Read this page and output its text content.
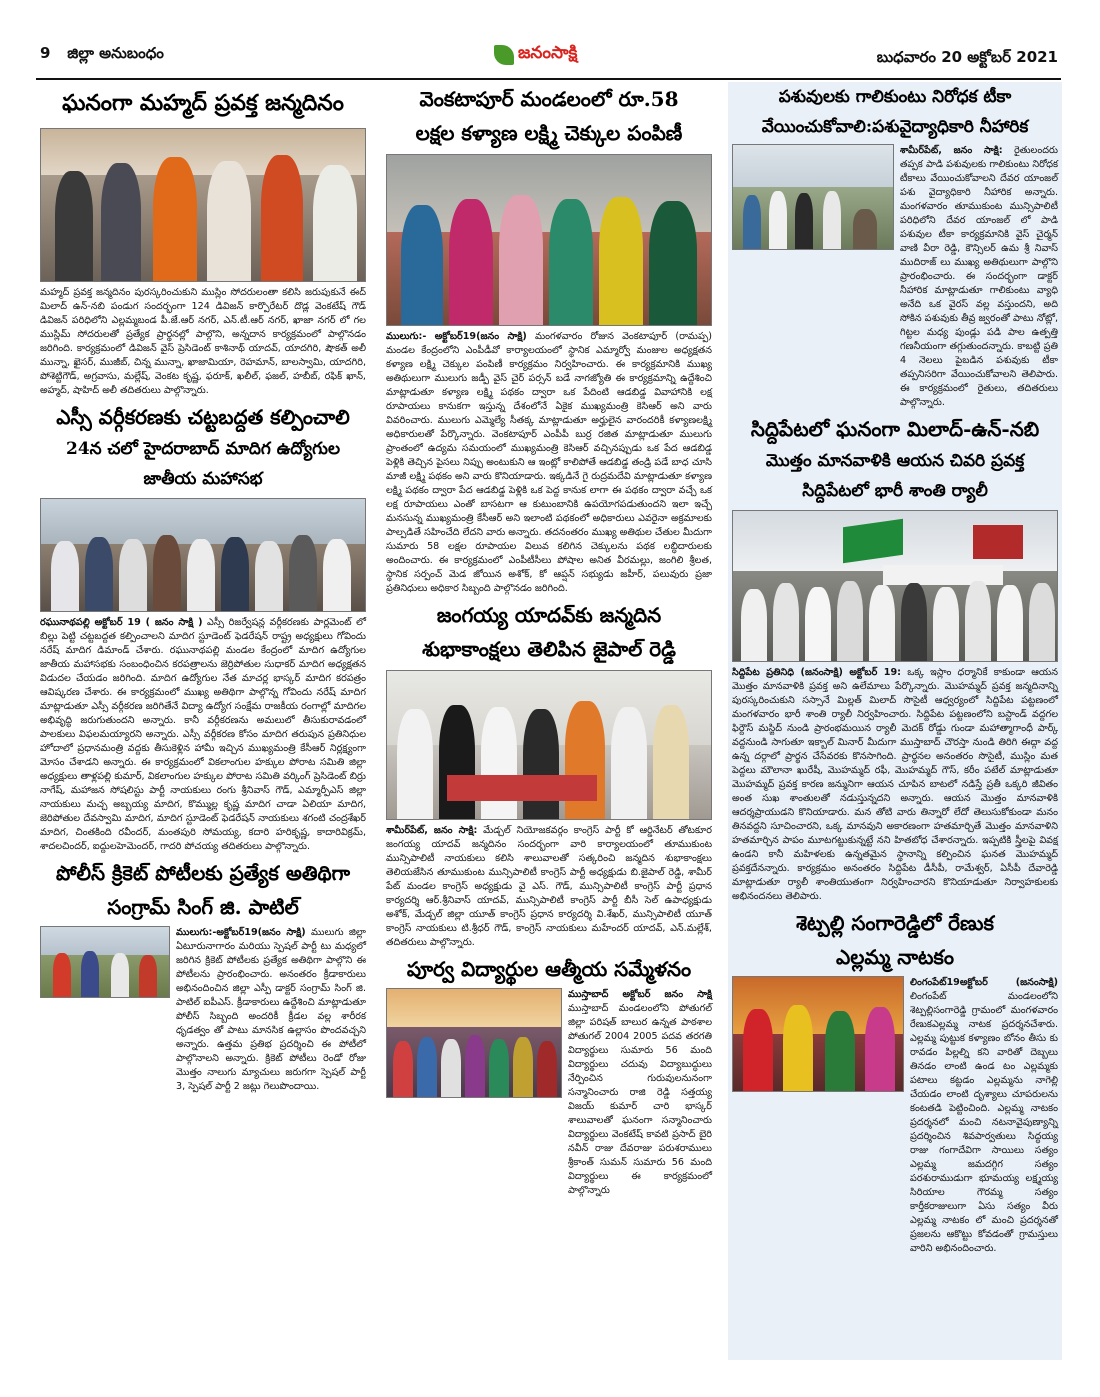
9 జిల్లా అనుబంధం	జనంసాక్షి	బుధవారం 20 అక్టోబర్ 2021
ఘనంగా మహ్మద్ ప్రవక్త జన్మదినం

మహ్మద్ ప్రవక్త జన్మదినం పురస్కరించుకుని ముస్లిం సోదరులంతా కలిసి జరుపుకునే ఈద్ మిలాద్ ఉన్-నబి పండుగ సందర్భంగా 124 డివిజన్ కార్పొరేటర్ దొడ్ల వెంకటేష్ గౌడ్ డివిజన్ పరిధిలోని ఎల్లమ్మబండ పీ.జే.ఆర్ నగర్, ఎన్.టీ.ఆర్ నగర్, ఖాజా నగర్ లో గల ముస్లిమ్ సోదరులతో ప్రత్యేక ప్రార్థనల్లో పాల్గొని, అన్నదాన కార్యక్రమంలో పాల్గొనడం జరిగింది. కార్యక్రమంలో డివిజన్ వైస్ ప్రెసిడెంట్ కాశినాథ్ యాదవ్, యాదగిరి, షౌకత్ అలీ మున్నా, ఖైసర్, ముజీబ్, చిన్న మున్నా, ఖాజామియా, రెహమాన్, బాలస్వామి, యాదగిరి, పోశెట్టిగౌడ్, అగ్రవాసు, మల్లేష్, వెంకట కృష్ణ, ఫరూక్, ఖలీల్, ఫజల్, హబీబ్, రఫిక్ ఖాన్, అహ్మద్, షాహిద్ అలీ తదితరులు పాల్గొన్నారు.

ఎస్సీ వర్గీకరణకు చట్టబద్దత కల్పించాలి
24న చలో హైదరాబాద్ మాదిగ ఉద్యోగుల
జాతీయ మహాసభ

రఘునాథపల్లి అక్టోబర్ 19 ( జనం సాక్షి ) ఎస్సీ రిజర్వేషన్ల వర్గీకరణకు పార్లమెంట్ లో బిల్లు పెట్టి చట్టబద్దత కల్పించాలని మాదిగ స్టూడెంట్ ఫెడరేషన్ రాష్ట్ర అధ్యక్షులు గోవిందు నరేష్ మాదిగ డిమాండ్ చేశారు. రఘునాథపల్లి మండల కేంద్రంలో మాదిగ ఉద్యోగుల జాతీయ మహాసభకు సంబంధించిన కరపత్రాలను జెర్రిపోతుల సుధాకర్ మాదిగ అధ్యక్షతన విడుదల చేయడం జరిగింది. మాదిగ ఉద్యోగుల నేత మాచర్ల భాస్కర్ మాదిగ కరపత్రం ఆవిష్కరణ చేశారు. ఈ కార్యక్రమంలో ముఖ్య అతిథిగా పాల్గొన్న గోవిందు నరేష్ మాదిగ మాట్లాడుతూ ఎస్సీ వర్గీకరణ జరిగితేనే విద్యా ఉద్యోగ సంక్షేమ రాజకీయ రంగాల్లో మాదిగల అభివృద్ధి జరుగుతుందని అన్నారు. కానీ వర్గీకరణను అమలులో తీసుకురావడంలో పాలకులు విఫలమయ్యారని అన్నారు. ఎస్సీ వర్గీకరణ కోసం మాదిగ తరుపున ప్రతినిధుల హోదాలో ప్రధానమంత్రి వద్దకు తీసుకెళ్లిన హామీ ఇచ్చిన ముఖ్యమంత్రి కేసీఆర్ నిర్లక్ష్యంగా మోసం చేశాడని అన్నారు. ఈ కార్యక్రమంలో వికలాంగుల హక్కుల పోరాట సమితి జిల్లా అధ్యక్షులు తాళ్లపల్లి కుమార్, వికలాంగుల హక్కుల పోరాట సమితి వర్కింగ్ ప్రెసిడెంట్ బిర్రు నాగేష్, మహాజన సోషలిస్టు పార్టీ నాయకులు రంగు శ్రీనివాస్ గౌడ్, ఎమ్మార్పీఎస్ జిల్లా నాయకులు మచ్చ అబ్బయ్య మాదిగ, కొమ్ముల్ల కృష్ణ మాదిగ చాడా ఏలియా మాదిగ, జెరిపోతుల దేవస్వామి మాదిగ, మాదిగ స్టూడెంట్ ఫెడరేషన్ నాయకులు శగంటి చంద్రశేఖర్ మాదిగ, చింతకింది రవీందర్, మంతపురి సోమయ్య, కదారి హరికృష్ణ, కాదారివిక్రమ్, శాదలచిందర్, ఐద్దులహెమెందర్, గాదరి పోచయ్య తదితరులు పాల్గొన్నారు.

పోలీస్ క్రికెట్ పోటీలకు ప్రత్యేక అతిథిగా
సంగ్రామ్ సింగ్ జి. పాటిల్

ములుగు:-అక్టోబర్19(జనం సాక్షి) ములుగు జిల్లా ఏటూరునాగారం మరియు స్పెషల్ పార్టీ టు మధ్యలో జరిగిన క్రికెట్ పోటీలకు ప్రత్యేక అతిథిగా పాల్గొని ఈ పోటీలను ప్రారంభించారు. అనంతరం క్రీడాకారులు అభినందించిన జిల్లా ఎస్పీ డాక్టర్ సంగ్రామ్ సింగ్ జి. పాటిల్ ఐపీఎస్. క్రీడాకారులు ఉద్దేశించి మాట్లాడుతూ పోలీస్ సిబ్బంది అందరికీ క్రీడల వల్ల శారీరక ధృడత్వం తో పాటు మానసిక ఉల్లాసం పొందవచ్చని అన్నారు. ఉత్తమ ప్రతిభ ప్రదర్శించి ఈ పోటీలో పాల్గొనాలని అన్నారు. క్రికెట్ పోటీలు రెండో రోజు మొత్తం నాలుగు మ్యాచులు జరుగగా స్పెషల్ పార్టీ 3, స్పెషల్ పార్టీ 2 జట్లు గెలుపొందాయి.

వెంకటాపూర్ మండలంలో రూ.58
లక్షల కళ్యాణ లక్ష్మి చెక్కుల పంపిణీ

ములుగు:- అక్టోబర్19(జనం సాక్షి) మంగళవారం రోజున వెంకటాపూర్ (రామప్ప) మండల కేంద్రంలోని ఎంపీడీవో కార్యాలయంలో స్థానిక ఎమ్మార్వో మంజుల అధ్యక్షతన కళ్యాణ లక్ష్మి చెక్కుల పంపిణీ కార్యక్రమం నిర్వహించారు. ఈ కార్యక్రమానికి ముఖ్య అతిథులుగా ములుగు జడ్పీ వైస్ చైర్ పర్సన్ బడే నాగజ్యోతి ఈ కార్యక్రమాన్ని ఉద్దేశించి మాట్లాడుతూ కళ్యాణ లక్ష్మి పథకం ద్వారా ఒక పేదింటి ఆడబిడ్డ వివాహానికి లక్ష రూపాయలు కానుకగా ఇస్తున్న దేశంలోనే ఏకైక ముఖ్యమంత్రి కెసిఆర్ అని వారు వివరించారు. ములుగు ఎమ్మెల్యే సీతక్క మాట్లాడుతూ అర్హులైన వారందరికీ కళ్యాణలక్ష్మి అధికారులతో పేర్కొన్నారు. వెంకటాపూర్ ఎంపీపీ బుర్ర రజిత మాట్లాడుతూ ములుగు ప్రాంతంలో ఉద్యమ సమయంలో ముఖ్యమంత్రి కెసిఆర్ వచ్చినప్పుడు ఒక పేద ఆడబిడ్డ పెళ్లికి తెచ్చిన పైసలు నిప్పు అంటుకుని ఆ ఇంట్లో కాలిపోతే ఆడబిడ్డ తండ్రి పడే బాధ చూసి మాజీ లక్ష్మి పథకం అని వారు కొనియాడారు. ఇక్కడినే గై రుద్రమదేవి మాట్లాడుతూ కళ్యాణ లక్ష్మి పథకం ద్వారా పేద ఆడబిడ్డ పెళ్లికి ఒక పెద్ద కానుక లాగా ఈ పథకం ద్వారా వచ్చే ఒక లక్ష రూపాయలు ఎంతో బాసటగా ఆ కుటుంబానికి ఉపయోగపడుతుందని ఇలా ఇచ్చే మనసున్న ముఖ్యమంత్రి కేసీఆర్ అని ఇలాంటి పథకంలో అధికారులు ఎవరైనా అక్రమాలకు పాల్పడితే సహించేది లేదని వారు అన్నారు. తదనంతరం ముఖ్య అతిథుల చేతుల మీదుగా సుమారు 58 లక్షల రూపాయల విలువ కలిగిన చెక్కులను పథక లబ్ధిదారులకు అందించారు. ఈ కార్యక్రమంలో ఎంపీటీసీలు పోషాల అనిత వీరమల్లు, జంగిలి శ్రీలత, స్థానిక సర్పంచ్ మెడ జోయిన అశోక్, కో ఆప్షన్ సభ్యుడు జహీర్, పలువురు ప్రజా ప్రతినిధులు అధికార సిబ్బంది పాల్గొనడం జరిగింది.

జంగయ్య యాదవ్‌కు జన్మదిన
శుభాకాంక్షలు తెలిపిన జైపాల్ రెడ్డి

శామీర్‌పేట్, జనం సాక్షి: మేడ్చల్ నియోజకవర్గం కాంగ్రెస్ పార్టీ కో ఆర్డినేటర్ తోటకూర జంగయ్య యాదవ్ జన్మదినం సందర్భంగా వారి కార్యాలయంలో తూముకుంట మున్సిపాలిటీ నాయకులు కలిసి శాలువాలతో సత్కరించి జన్మదిన శుభాకాంక్షలు తెలియజేసిన తూముకుంట మున్సిపాలిటీ కాంగ్రెస్ పార్టీ అధ్యక్షుడు బి.జైపాల్ రెడ్డి, శామీర్ పేట్ మండల కాంగ్రెస్ అధ్యక్షుడు వై ఎస్. గౌడ్, మున్సిపాలిటీ కాంగ్రెస్ పార్టీ ప్రధాన కార్యదర్శి ఆర్.శ్రీనివాస్ యాదవ్, మున్సిపాలిటీ కాంగ్రెస్ పార్టీ బీసీ సెల్ ఉపాధ్యక్షుడు అశోక్, మేడ్చల్ జిల్లా యూత్ కాంగ్రెస్ ప్రధాన కార్యదర్శి వి.శేఖర్, మున్సిపాలిటీ యూత్ కాంగ్రెస్ నాయకులు టి.శ్రీధర్ గౌడ్, కాంగ్రెస్ నాయకులు మహేందర్ యాదవ్, ఎన్.మల్లేశ్, తదితరులు పాల్గొన్నారు.

పూర్వ విద్యార్థుల ఆత్మీయ సమ్మేళనం

ముస్తాబాద్ అక్టోబర్ జనం సాక్షి ముస్తాబాద్ మండలంలోని పోతుగల్ జిల్లా పరిషత్ బాలుర ఉన్నత పాఠశాల పోతుగల్ 2004 2005 పదవ తరగతి విద్యార్థులు సుమారు 56 మంది విద్యార్థులు చదువు విద్యాబుద్ధులు నేర్పించిన గురువులనునంగా సన్మానించారు రాజి రెడ్డి సత్తయ్య విజయ్ కుమార్ చారి భాస్కర్ శాలువాలతో ఘనంగా సన్మానించారు విద్యార్థులు వెంకటేష్ కావటి ప్రసాద్ బైరి నవీన్ రాజు దేవరాజు పరుశరాములు శ్రీకాంత్ సుమన్ సుమారు 56 మంది విద్యార్థులు ఈ కార్యక్రమంలో పాల్గొన్నారు

పశువులకు గాలికుంటు నిరోధక టీకా
వేయించుకోవాలి:పశువైద్యాధికారి నీహారిక

శామీర్‌పేట్, జనం సాక్షి: రైతులందరు తప్పక పాడి పశువులకు గాలికుంటు నిరోధక టీకాలు వేయించుకోవాలని దేవర యాంజల్ పశు వైద్యాధికారి నీహారిక అన్నారు. మంగళవారం తూముకుంట మున్సిపాలిటీ పరిధిలోని దేవర యాంజల్ లో పాడి పశువుల టీకా కార్యక్రమానికి వైస్ చైర్మన్ వాణి వీరా రెడ్డి, కౌన్సిలర్ ఉమ శ్రీ నివాస్ ముదిరాజ్ లు ముఖ్య అతిథులుగా పాల్గొని ప్రారంభించారు. ఈ సందర్భంగా డాక్టర్ నీహారిక మాట్లాడుతూ గాలికుంటు వ్యాధి అనేది ఒక వైరస్ వల్ల వస్తుందని, అది సోకిన పశువుకు తీవ్ర జ్వరంతో పాటు నోట్లో, గిట్టల మధ్య పుండ్లు పడి పాల ఉత్పత్తి గణనీయంగా తగ్గుతుందన్నారు. కాబట్టి ప్రతి 4 నెలలు పైబడిన పశువుకు టీకా తప్పనిసరిగా వేయించుకోవాలని తెలిపారు. ఈ కార్యక్రమంలో రైతులు, తదితరులు పాల్గొన్నారు.

సిద్దిపేటలో ఘనంగా మిలాద్-ఉన్-నబి
మొత్తం మానవాళికి ఆయన చివరి ప్రవక్త
సిద్దిపేటలో భారీ శాంతి ర్యాలీ

సిద్దిపేట ప్రతినిధి (జనంసాక్షి) అక్టోబర్ 19: ఒక్క ఇస్లాం ధర్మానికే కాకుండా ఆయన మొత్తం మానవాళికి ప్రవక్త అని ఉలేమాలు పేర్కొన్నారు. మొహమ్మద్ ప్రవక్త జన్మదినాన్ని పురస్కరించుకుని సస్సానే మిల్లత్ మిలాద్ సొసైటీ ఆధ్వర్యంలో సిద్దిపేట పట్టణంలో మంగళవారం భారీ శాంతి ర్యాలీ నిర్వహించారు. సిద్దిపేట పట్టణంలోని బస్టాండ్ వద్దగల ఫిర్దౌస్ మస్జిద్ నుండి ప్రారంభమయిన ర్యాలీ మెదక్ రోడ్డు గుండా మహాత్మాగాంధీ పార్క్ వద్దనుండి సాగుతూ ఇక్బాల్ మినార్ మీదుగా ముస్తాబాద్ చౌరస్తా నుండి తిరిగి ఈద్గా వద్ద ఉన్న దర్గాలో ప్రార్థన చేసేవరకు కొనసాగింది. ప్రార్థనల అనంతరం సొసైటీ, ముస్లిం మత పెద్దలు మౌలానా ఖురేషీ, మొహమ్మద్ రఫీ, మొహమ్మద్ గౌస్, కరీం పటేల్ మాట్లాడుతూ మొహమ్మద్ ప్రవక్త కారణ జన్మునిగా ఆయన చూపిన బాటలో నడిస్తే ప్రతీ ఒక్కరి జీవితం అంత సుఖ శాంతులతో నడుస్తున్నదని అన్నారు. ఆయన మొత్తం మానవాళికి ఆదర్శప్రాయుడని కొనియాడారు. మన తోటి వారు తిన్నారో లేదో తెలుసుకోకుండా మనం తినవద్దని సూచించారని, ఒక్క మానవుని అకారణంగా హతమార్చితే మొత్తం మానవాళిని హతమార్చిన పాపం మూటగట్టుకున్నట్టే నని హితబోధ చేశారన్నారు. ఇప్పటికి స్త్రీలపై వివక్ష ఉండని కానీ మహిళలకు ఉన్నతమైన స్థానాన్ని కల్పించిన ఘనత మొహమ్మద్ ప్రవక్తదేనన్నారు. కార్యక్రమం అనంతరం సిద్దిపేట డీసీపీ, రామేశ్వర్, ఏసీపీ దేవారెడ్డి మాట్లాడుతూ ర్యాలీ శాంతియుతంగా నిర్వహించారని కొనియాడుతూ నిర్వాహకులకు అభినందనలు తెలిపారు.

శెట్పల్లి సంగారెడ్డిలో రేణుక
ఎల్లమ్మ నాటకం

లింగంపేట్19అక్టోబర్ (జనంసాక్షి) లింగంపేట్ మండలంలోని శెట్పల్లిసంగారెడ్డి గ్రామంలో మంగళవారం రేణుకఎల్లమ్మ నాటక ప్రదర్శనచేశారు. ఎల్లమ్మ పుట్టుక కళ్యాణం బోనం తీసు కు రావడం పిల్లల్ని కని వారితో దెబ్బలు తినడం లాంటి ఉండ టం ఎల్లమ్మకు పటాలు కట్టడం ఎల్లమ్మను నాగెల్లి చేయడం లాంటి దృశ్యాలు చూపరులను కంటతడి పెట్టించింది. ఎల్లమ్మ నాటకం ప్రదర్శనలో మంచి నటనావైపుణ్యాన్ని ప్రదర్శించిన శివపార్వతులు సిద్ధయ్య రాజు గంగాదేవిగా సాయిలు సత్యం ఎల్లమ్మ జమదగ్గిగ సత్యం పరశురాముడుగా భూమయ్య లక్ష్మయ్య సిరియాల గౌరమ్మ సత్యం కార్తీకరాజులుగా ఏసు సత్యం వీరు ఎల్లమ్మ నాటకం లో మంచి ప్రదర్శనతో ప్రజలను ఆకొట్టు కోవడంతో గ్రామస్తులు వారిని అభినందించారు.
